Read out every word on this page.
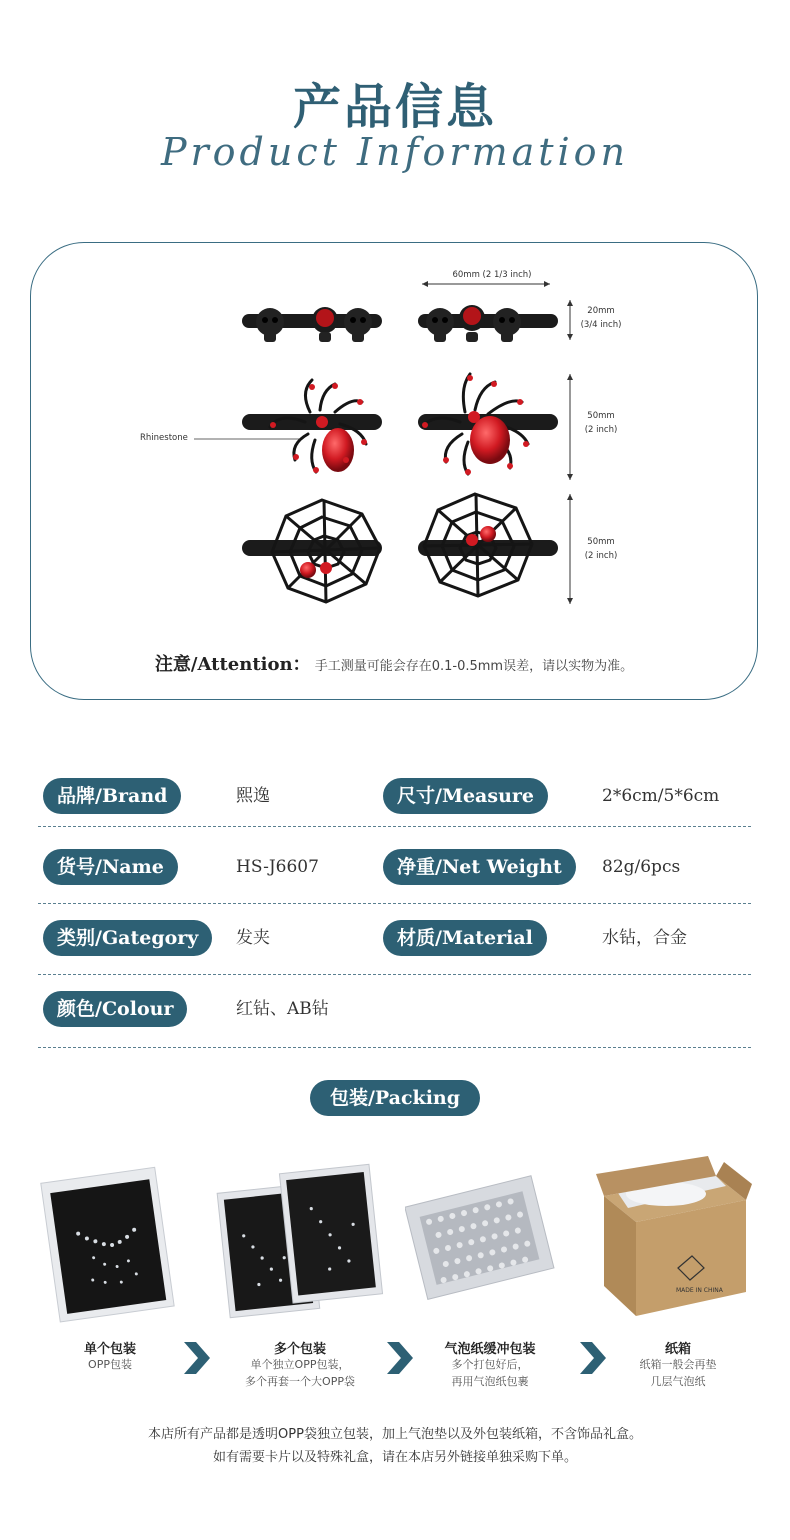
产品信息
Product Information
60mm (2 1/3 inch)
20mm
(3/4 inch)
50mm
(2 inch)
50mm
(2 inch)
Rhinestone
注意/Attention： 手工测量可能会存在0.1-0.5mm误差，请以实物为准。
品牌/Brand	熙逸	尺寸/Measure	2*6cm/5*6cm
货号/Name	HS-J6607	净重/Net Weight	82g/6pcs
类别/Gategory	发夹	材质/Material	水钻，合金
颜色/Colour	红钻、AB钻
包装/Packing
MADE IN CHINA
单个包装
OPP包装
多个包装
单个独立OPP包装，
多个再套一个大OPP袋
气泡纸缓冲包装
多个打包好后，
再用气泡纸包裹
纸箱
纸箱一般会再垫
几层气泡纸
本店所有产品都是透明OPP袋独立包装，加上气泡垫以及外包装纸箱，不含饰品礼盒。
如有需要卡片以及特殊礼盒，请在本店另外链接单独采购下单。
